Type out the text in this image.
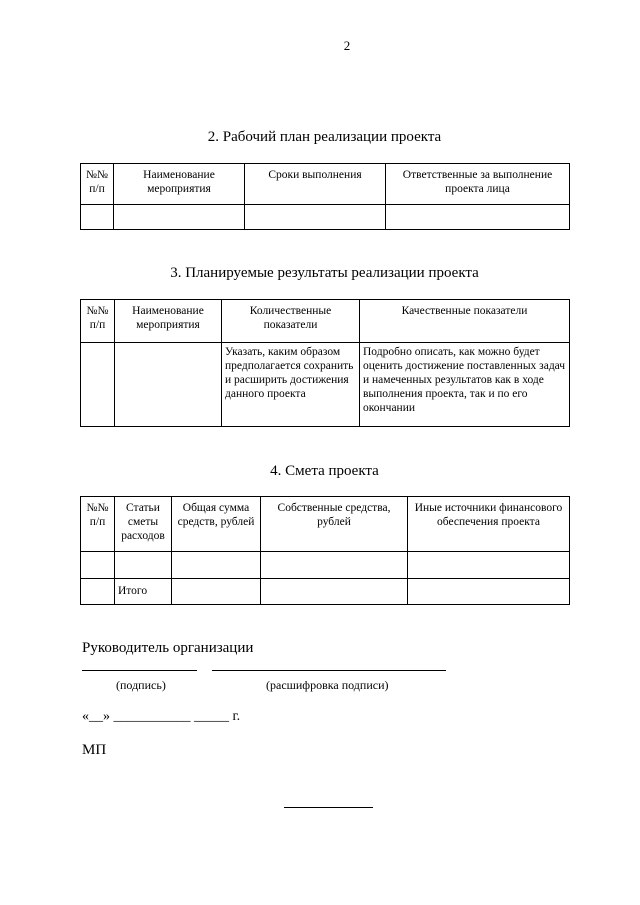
2
2. Рабочий план реализации проекта
№№ п/п	Наименование мероприятия	Сроки выполнения	Ответственные за выполнение проекта лица

3. Планируемые результаты реализации проекта
№№ п/п	Наименование мероприятия	Количественные показатели	Качественные показатели
		Указать, каким образом предполагается сохранить и расширить достижения данного проекта	Подробно описать, как можно будет оценить достижение поставленных задач и намеченных результатов как в ходе выполнения проекта, так и по его окончании
4. Смета проекта
№№ п/п	Статьи сметы расходов	Общая сумма средств, рублей	Собственные средства, рублей	Иные источники финансового обеспечения проекта

	Итого			
Руководитель организации
(подпись)	(расшифровка подписи)
«__» ___________ _____ г.
МП
